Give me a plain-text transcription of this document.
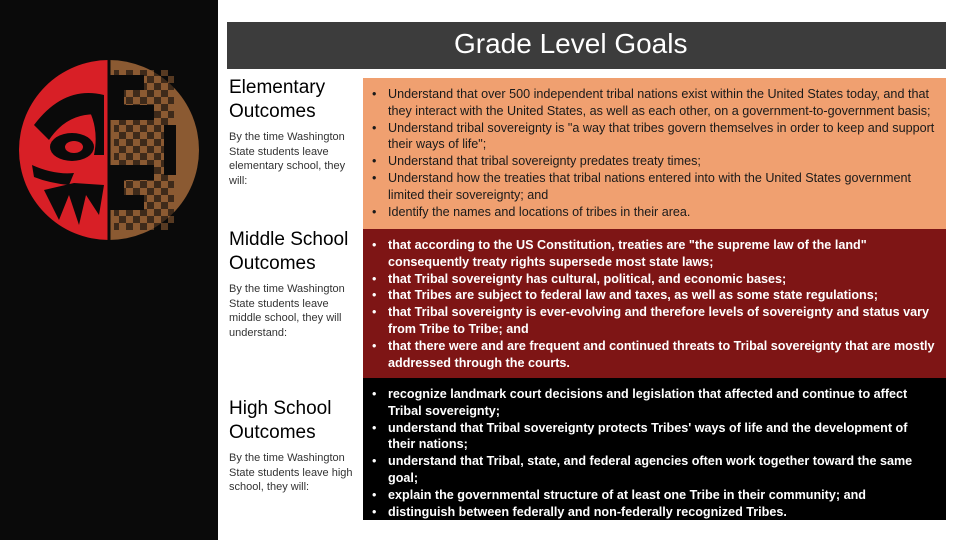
Grade Level Goals
Elementary Outcomes

By the time Washington State students leave elementary school, they will:

• Understand that over 500 independent tribal nations exist within the United States today, and that they interact with the United States, as well as each other, on a government-to-government basis;
• Understand tribal sovereignty is "a way that tribes govern themselves in order to keep and support their ways of life";
• Understand that tribal sovereignty predates treaty times;
• Understand how the treaties that tribal nations entered into with the United States government limited their sovereignty; and
• Identify the names and locations of tribes in their area.
Middle School Outcomes

By the time Washington State students leave middle school, they will understand:

• that according to the US Constitution, treaties are "the supreme law of the land" consequently treaty rights supersede most state laws;
• that Tribal sovereignty has cultural, political, and economic bases;
• that Tribes are subject to federal law and taxes, as well as some state regulations;
• that Tribal sovereignty is ever-evolving and therefore levels of sovereignty and status vary from Tribe to Tribe; and
• that there were and are frequent and continued threats to Tribal sovereignty that are mostly addressed through the courts.
High School Outcomes

By the time Washington State students leave high school, they will:

• recognize landmark court decisions and legislation that affected and continue to affect Tribal sovereignty;
• understand that Tribal sovereignty protects Tribes' ways of life and the development of their nations;
• understand that Tribal, state, and federal agencies often work together toward the same goal;
• explain the governmental structure of at least one Tribe in their community; and
• distinguish between federally and non-federally recognized Tribes.
